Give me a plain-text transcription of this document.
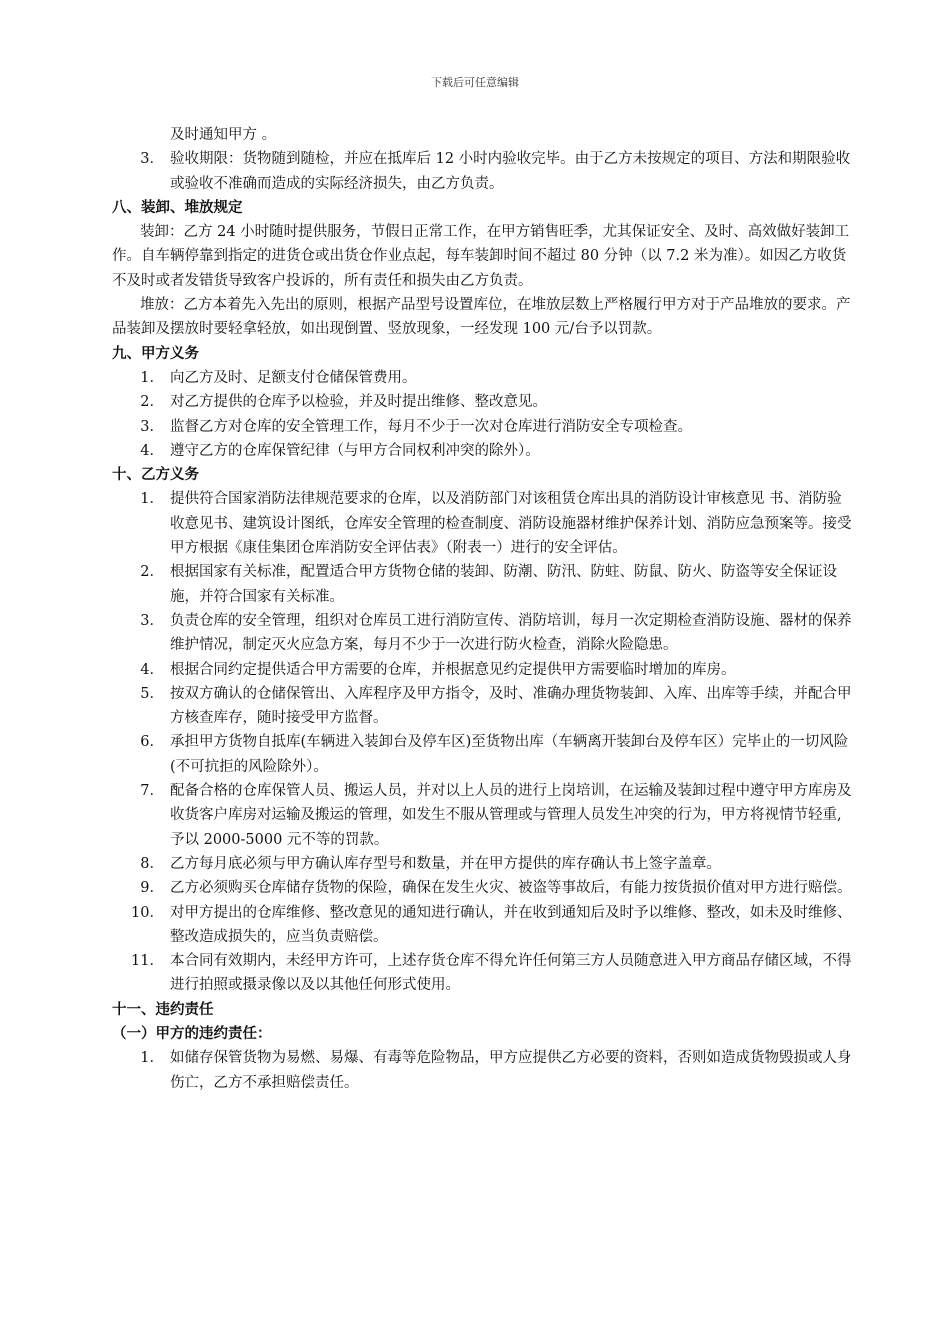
下载后可任意编辑

及时通知甲方 。

3． 验收期限：货物随到随检，并应在抵库后 12 小时内验收完毕。由于乙方未按规定的项目、方法和期限验收或验收不准确而造成的实际经济损失，由乙方负责。

八、装卸、堆放规定

装卸：乙方 24 小时随时提供服务，节假日正常工作，在甲方销售旺季，尤其保证安全、及时、高效做好装卸工作。自车辆停靠到指定的进货仓或出货仓作业点起，每车装卸时间不超过 80 分钟（以 7.2 米为准）。如因乙方收货不及时或者发错货导致客户投诉的，所有责任和损失由乙方负责。

堆放：乙方本着先入先出的原则，根据产品型号设置库位，在堆放层数上严格履行甲方对于产品堆放的要求。产品装卸及摆放时要轻拿轻放，如出现倒置、竖放现象，一经发现 100 元/台予以罚款。

九、甲方义务

1． 向乙方及时、足额支付仓储保管费用。
2． 对乙方提供的仓库予以检验，并及时提出维修、整改意见。
3． 监督乙方对仓库的安全管理工作，每月不少于一次对仓库进行消防安全专项检查。
4． 遵守乙方的仓库保管纪律（与甲方合同权利冲突的除外）。

十、乙方义务

1． 提供符合国家消防法律规范要求的仓库，以及消防部门对该租赁仓库出具的消防设计审核意见 书、消防验收意见书、建筑设计图纸，仓库安全管理的检查制度、消防设施器材维护保养计划、消防应急预案等。接受甲方根据《康佳集团仓库消防安全评估表》（附表一）进行的安全评估。
2． 根据国家有关标准，配置适合甲方货物仓储的装卸、防潮、防汛、防蛀、防鼠、防火、防盗等安全保证设施，并符合国家有关标准。
3． 负责仓库的安全管理，组织对仓库员工进行消防宣传、消防培训，每月一次定期检查消防设施、器材的保养维护情况，制定灭火应急方案，每月不少于一次进行防火检查，消除火险隐患。
4． 根据合同约定提供适合甲方需要的仓库，并根据意见约定提供甲方需要临时增加的库房。
5． 按双方确认的仓储保管出、入库程序及甲方指令，及时、准确办理货物装卸、入库、出库等手续，并配合甲方核查库存，随时接受甲方监督。
6． 承担甲方货物自抵库(车辆进入装卸台及停车区)至货物出库（车辆离开装卸台及停车区）完毕止的一切风险(不可抗拒的风险除外）。
7． 配备合格的仓库保管人员、搬运人员，并对以上人员的进行上岗培训，在运输及装卸过程中遵守甲方库房及收货客户库房对运输及搬运的管理，如发生不服从管理或与管理人员发生冲突的行为，甲方将视情节轻重,予以 2000-5000 元不等的罚款。
8． 乙方每月底必须与甲方确认库存型号和数量，并在甲方提供的库存确认书上签字盖章。
9． 乙方必须购买仓库储存货物的保险，确保在发生火灾、被盗等事故后，有能力按货损价值对甲方进行赔偿。
10． 对甲方提出的仓库维修、整改意见的通知进行确认，并在收到通知后及时予以维修、整改，如未及时维修、整改造成损失的，应当负责赔偿。
11． 本合同有效期内，未经甲方许可，上述存货仓库不得允许任何第三方人员随意进入甲方商品存储区域，不得进行拍照或摄录像以及以其他任何形式使用。

十一、违约责任

（一）甲方的违约责任：

1． 如储存保管货物为易燃、易爆、有毒等危险物品，甲方应提供乙方必要的资料，否则如造成货物毁损或人身伤亡，乙方不承担赔偿责任。
